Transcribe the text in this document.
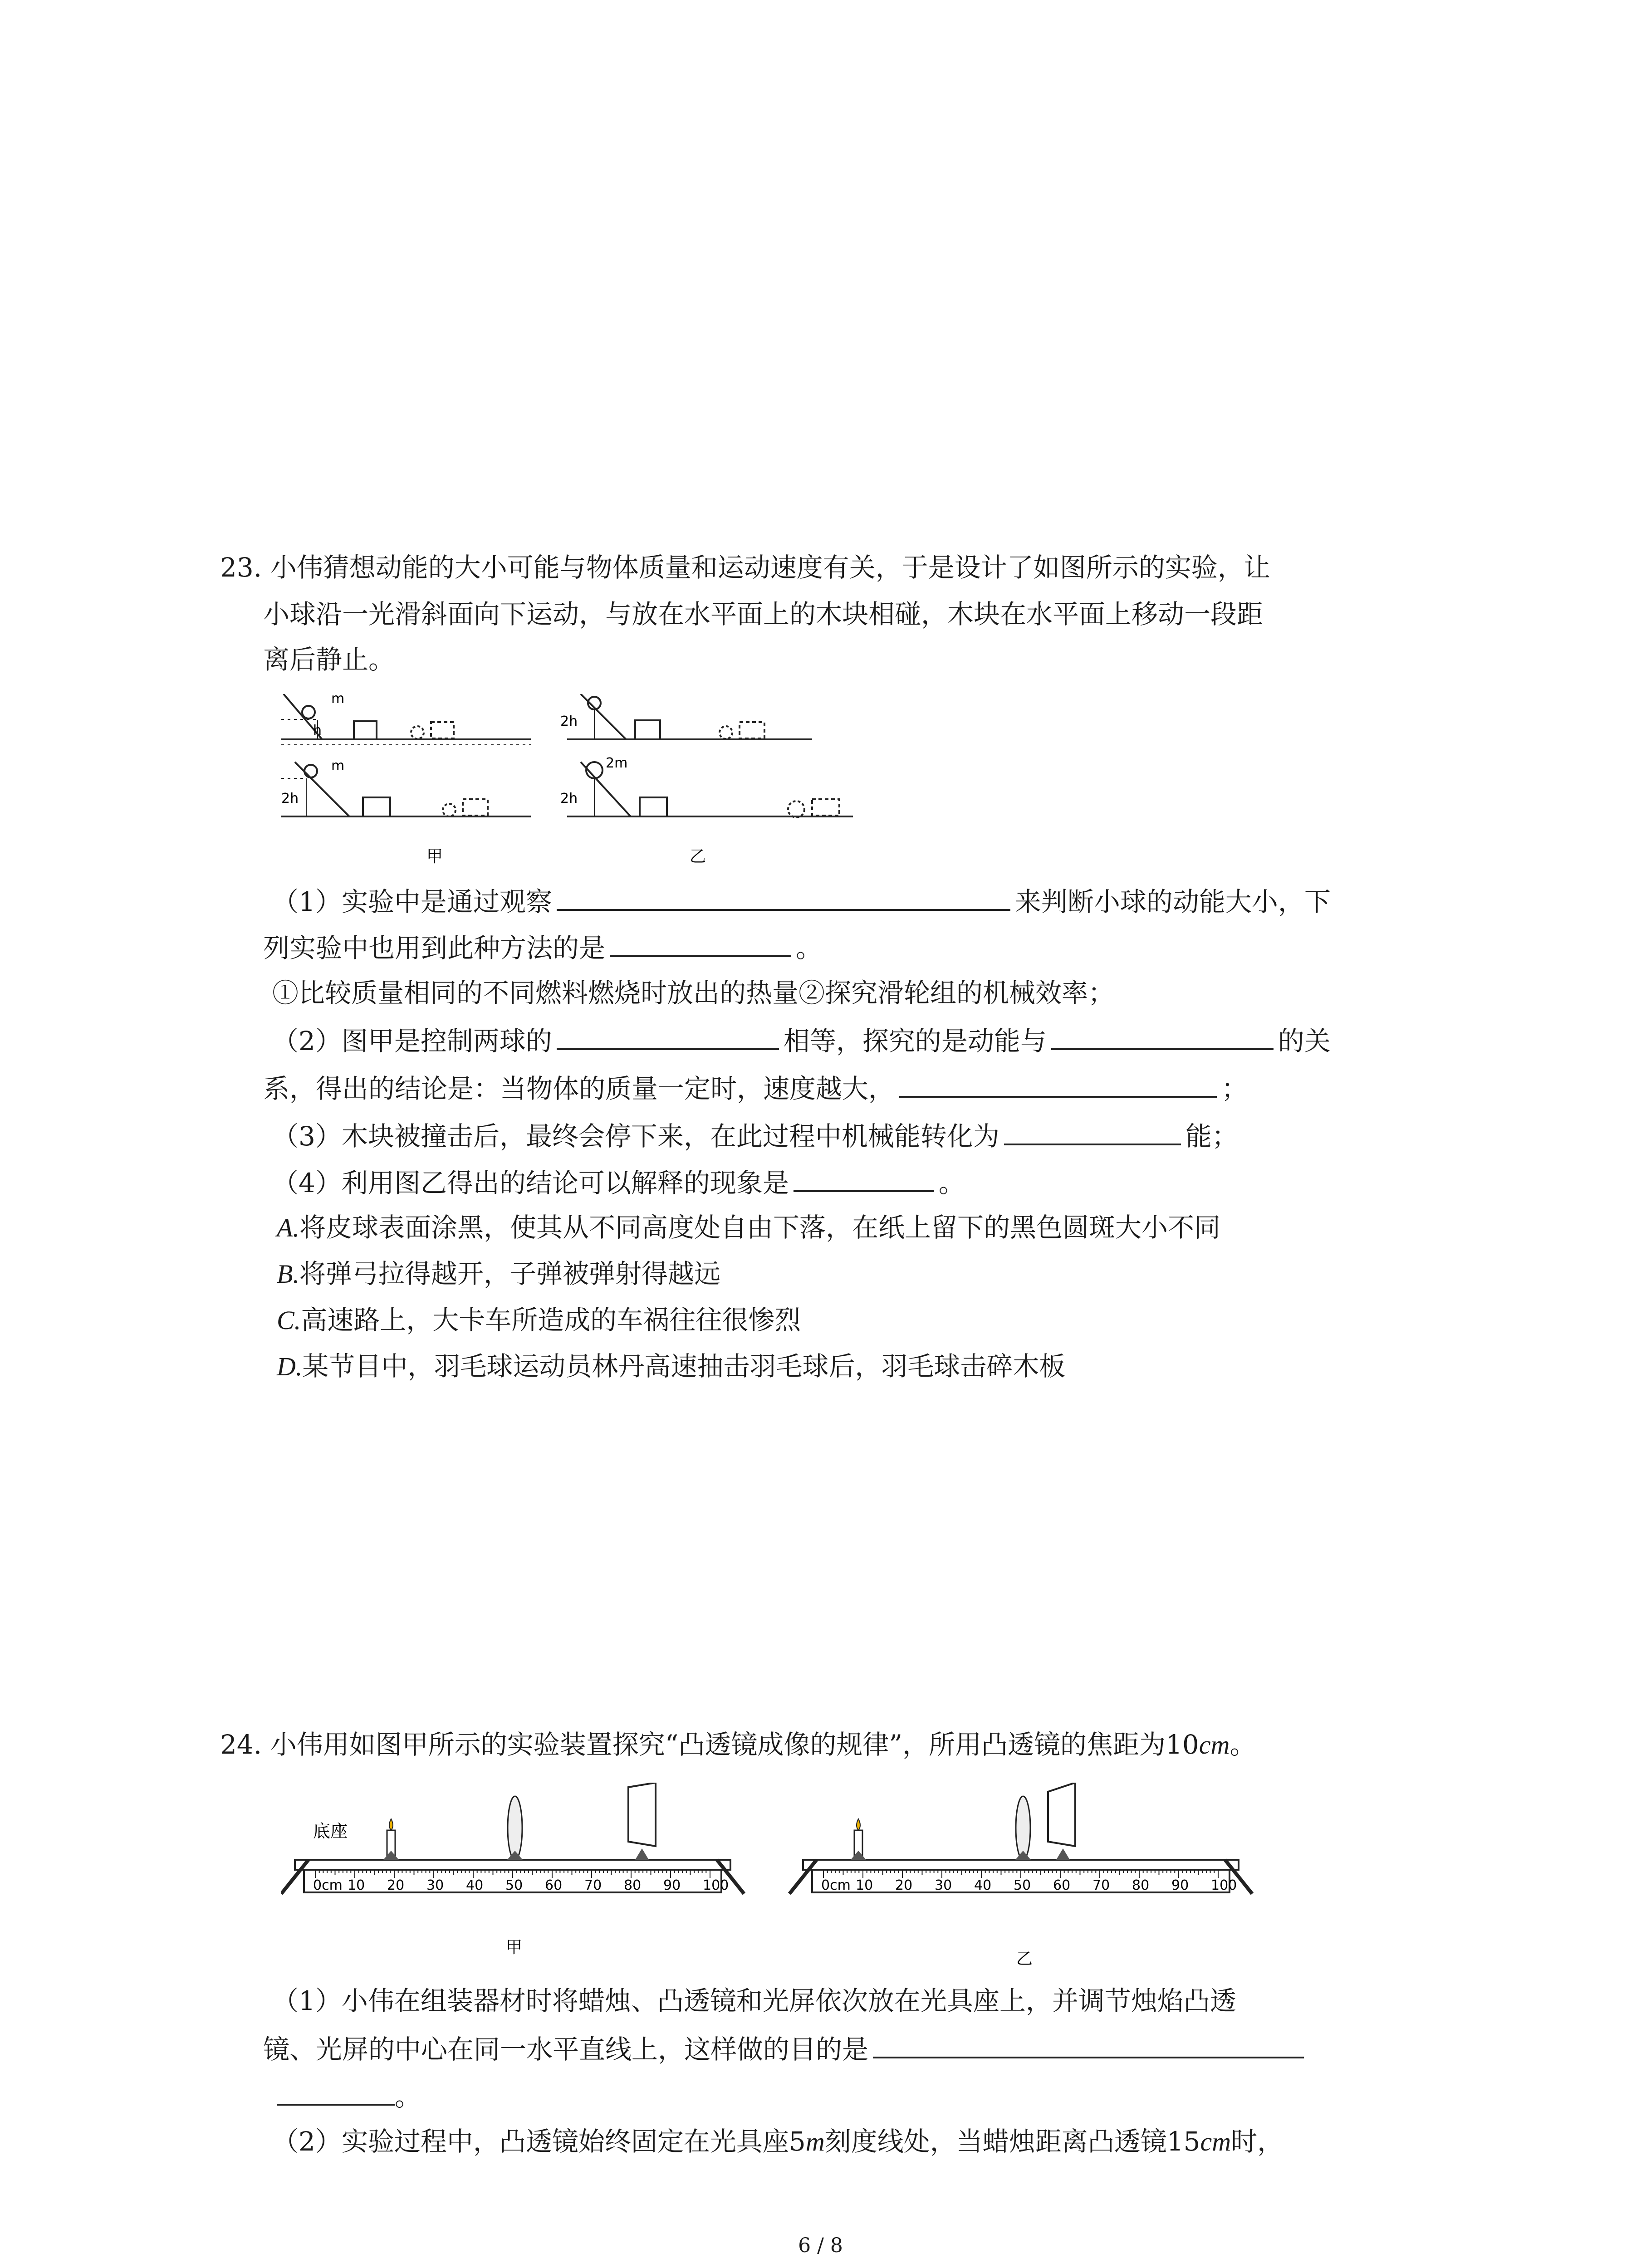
23. 小伟猜想动能的大小可能与物体质量和运动速度有关，于是设计了如图所示的实验，让
小球沿一光滑斜面向下运动，与放在水平面上的木块相碰，木块在水平面上移动一段距
离后静止。
m
h
m
2h
2h
2m
2h
甲	乙
（1）实验中是通过观察	来判断小球的动能大小，下
列实验中也用到此种方法的是	。
①比较质量相同的不同燃料燃烧时放出的热量②探究滑轮组的机械效率；
（2）图甲是控制两球的	相等，探究的是动能与	的关
系，得出的结论是：当物体的质量一定时，速度越大，	；
（3）木块被撞击后，最终会停下来，在此过程中机械能转化为	能；
（4）利用图乙得出的结论可以解释的现象是	。
A.将皮球表面涂黑，使其从不同高度处自由下落，在纸上留下的黑色圆斑大小不同
B.将弹弓拉得越开，子弹被弹射得越远
C.高速路上，大卡车所造成的车祸往往很惨烈
D.某节目中，羽毛球运动员林丹高速抽击羽毛球后，羽毛球击碎木板
24. 小伟用如图甲所示的实验装置探究“凸透镜成像的规律”，所用凸透镜的焦距为10cm。
底座
0cm 10 20 30 40 50 60 70 80 90 100	0cm 10 20 30 40 50 60 70 80 90 100
甲
乙
（1）小伟在组装器材时将蜡烛、凸透镜和光屏依次放在光具座上，并调节烛焰凸透
镜、光屏的中心在同一水平直线上，这样做的目的是
。
（2）实验过程中，凸透镜始终固定在光具座5m刻度线处，当蜡烛距离凸透镜15cm时，
6 / 8
